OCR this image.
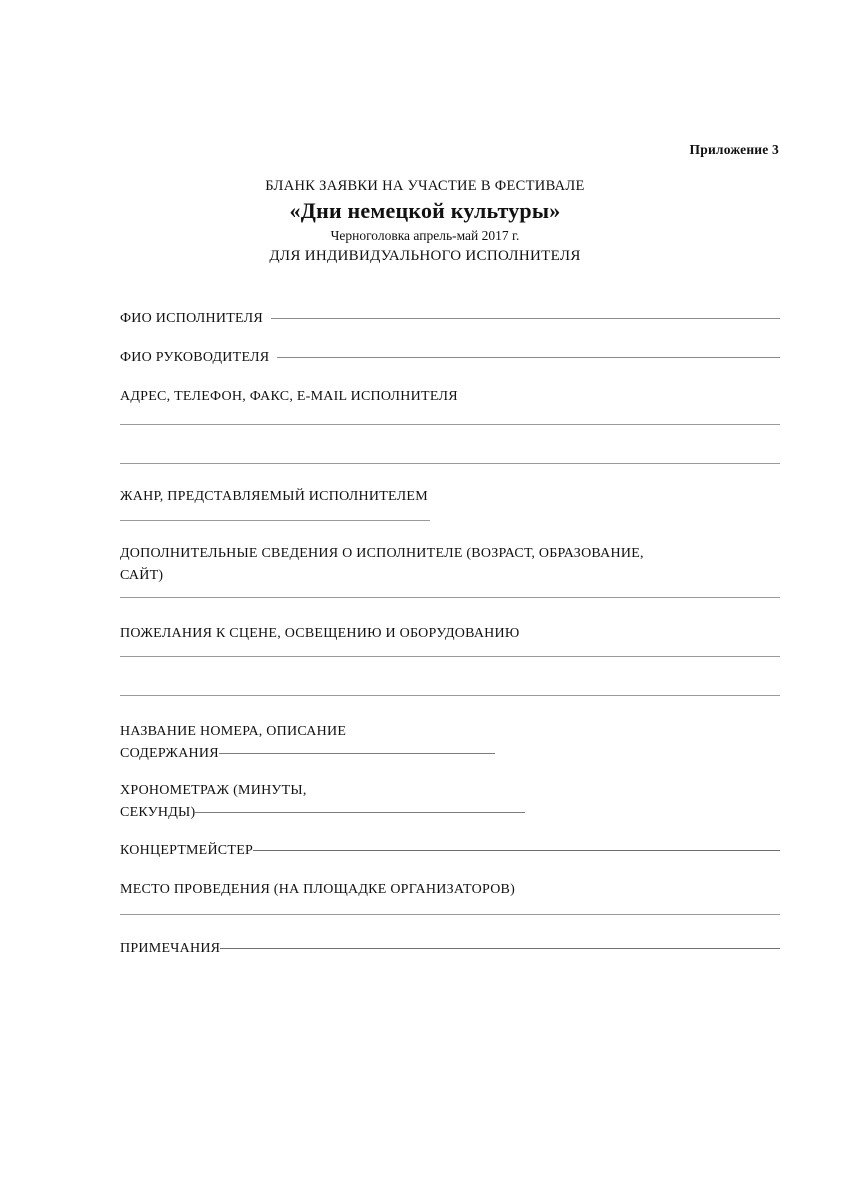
Приложение 3
БЛАНК ЗАЯВКИ НА УЧАСТИЕ В ФЕСТИВАЛЕ
«Дни немецкой культуры»
Черноголовка апрель-май 2017 г.
ДЛЯ ИНДИВИДУАЛЬНОГО ИСПОЛНИТЕЛЯ
ФИО ИСПОЛНИТЕЛЯ
ФИО РУКОВОДИТЕЛЯ
АДРЕС, ТЕЛЕФОН, ФАКС, E-MAIL ИСПОЛНИТЕЛЯ
ЖАНР, ПРЕДСТАВЛЯЕМЫЙ ИСПОЛНИТЕЛЕМ
ДОПОЛНИТЕЛЬНЫЕ СВЕДЕНИЯ О ИСПОЛНИТЕЛЕ (ВОЗРАСТ, ОБРАЗОВАНИЕ,
САЙТ)
ПОЖЕЛАНИЯ К СЦЕНЕ, ОСВЕЩЕНИЮ И ОБОРУДОВАНИЮ
НАЗВАНИЕ НОМЕРА, ОПИСАНИЕ
СОДЕРЖАНИЯ
ХРОНОМЕТРАЖ (МИНУТЫ,
СЕКУНДЫ)
КОНЦЕРТМЕЙСТЕР
МЕСТО ПРОВЕДЕНИЯ (НА ПЛОЩАДКЕ ОРГАНИЗАТОРОВ)
ПРИМЕЧАНИЯ
